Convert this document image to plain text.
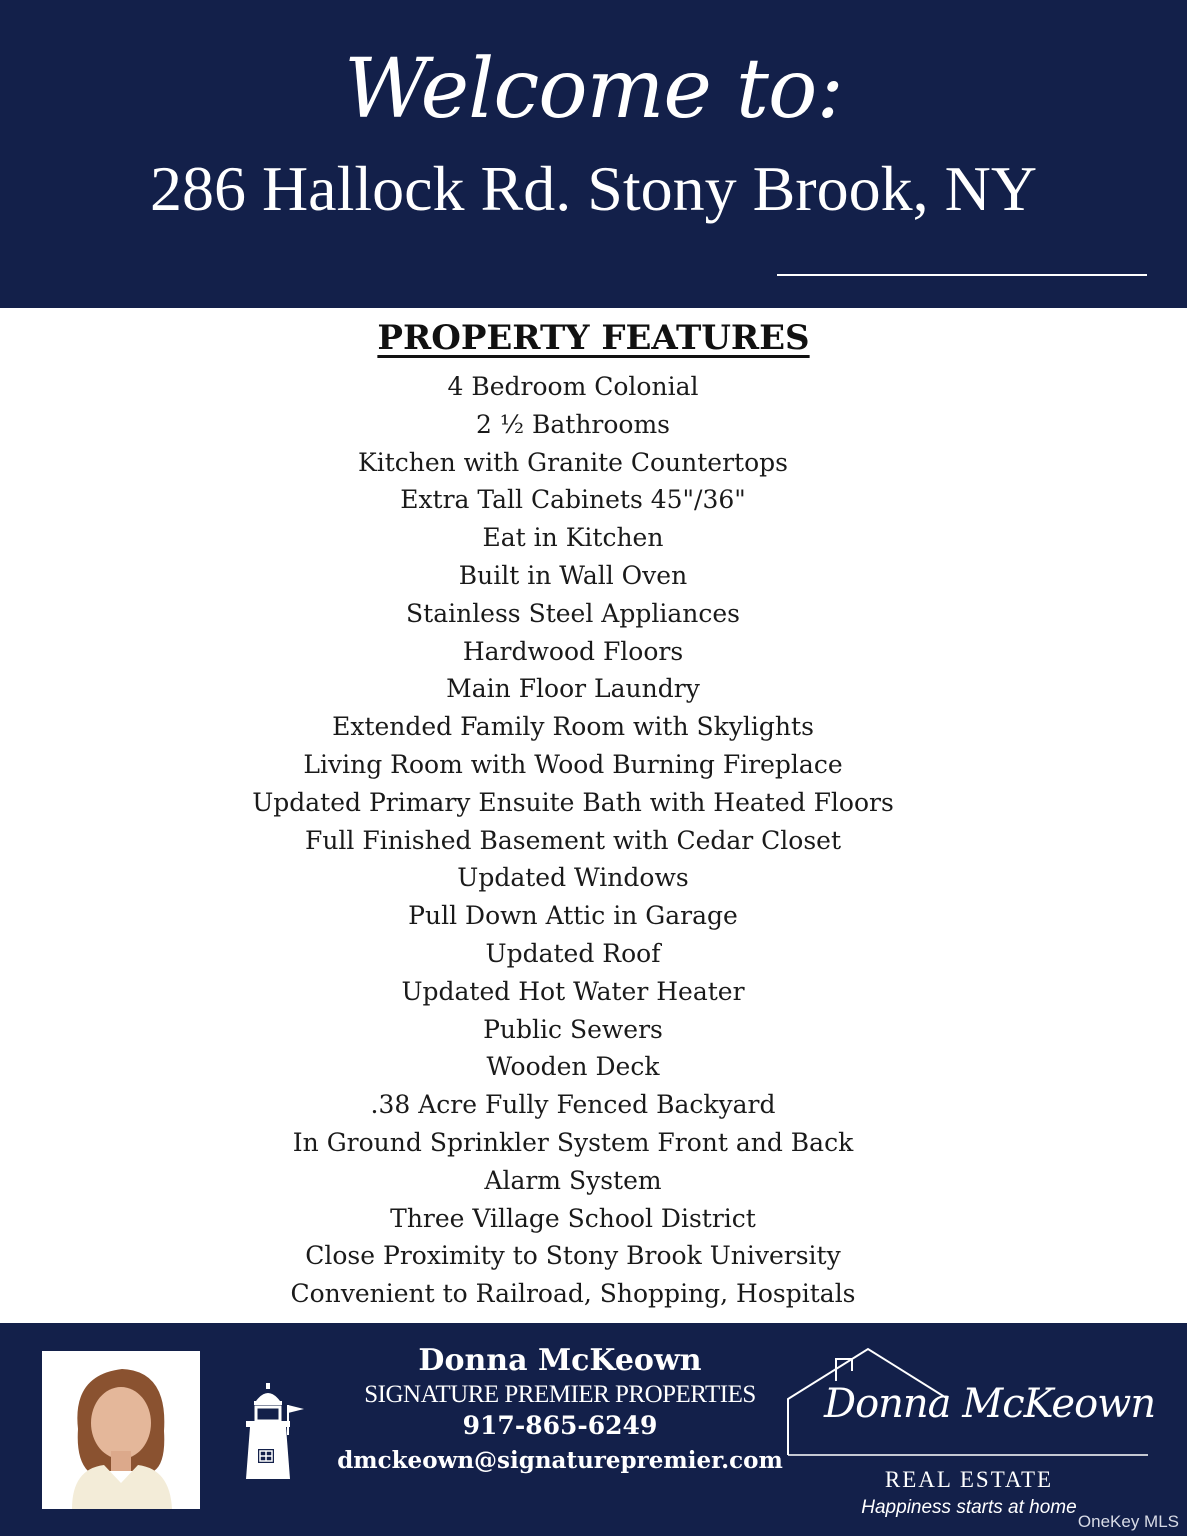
Welcome to:
286 Hallock Rd. Stony Brook, NY
PROPERTY FEATURES
4 Bedroom Colonial
2 ½ Bathrooms
Kitchen with Granite Countertops
Extra Tall Cabinets 45"/36"
Eat in Kitchen
Built in Wall Oven
Stainless Steel Appliances
Hardwood Floors
Main Floor Laundry
Extended Family Room with Skylights
Living Room with Wood Burning Fireplace
Updated Primary Ensuite Bath with Heated Floors
Full Finished Basement with Cedar Closet
Updated Windows
Pull Down Attic in Garage
Updated Roof
Updated Hot Water Heater
Public Sewers
Wooden Deck
.38 Acre Fully Fenced Backyard
In Ground Sprinkler System Front and Back
Alarm System
Three Village School District
Close Proximity to Stony Brook University
Convenient to Railroad, Shopping, Hospitals
Donna McKeown
SIGNATURE PREMIER PROPERTIES
917-865-6249
dmckeown@signaturepremier.com
Donna McKeown
REAL ESTATE
Happiness starts at home
OneKey MLS
